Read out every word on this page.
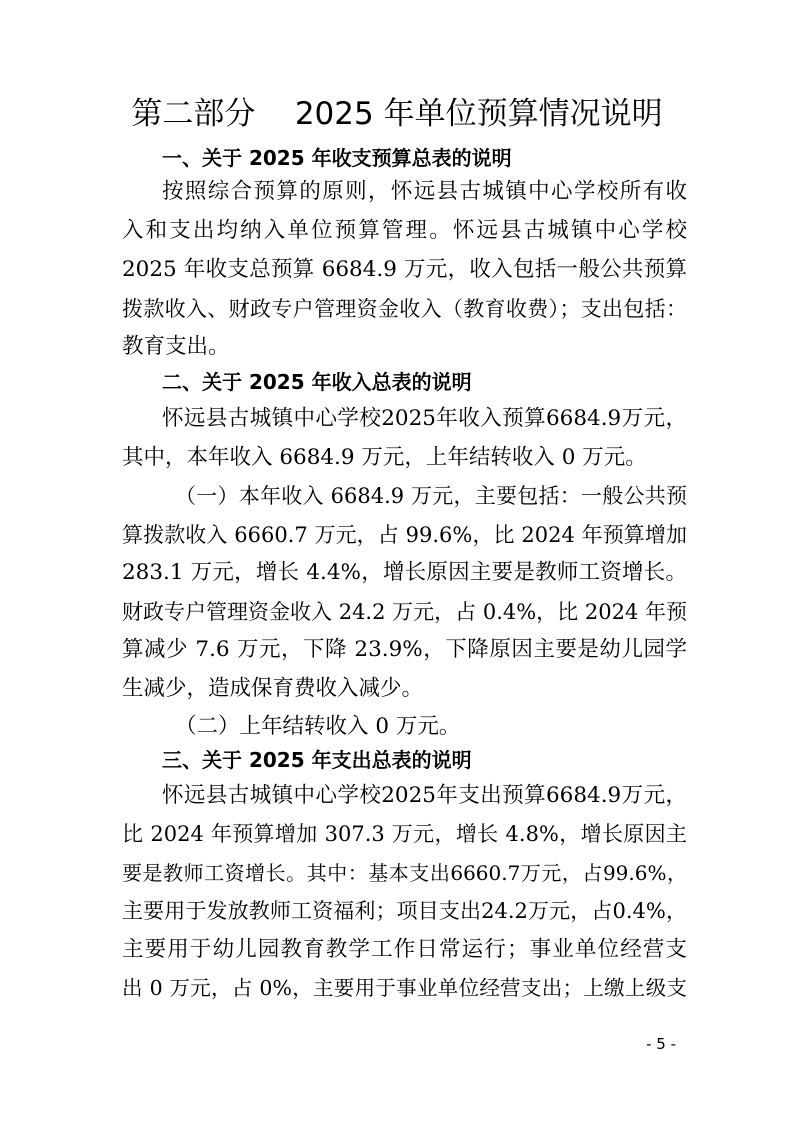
第二部分    2025 年单位预算情况说明
一、关于 2025 年收支预算总表的说明
按照综合预算的原则，怀远县古城镇中心学校所有收
入和支出均纳入单位预算管理。怀远县古城镇中心学校
2025 年收支总预算 6684.9 万元，收入包括一般公共预算
拨款收入、财政专户管理资金收入（教育收费）；支出包括：
教育支出。
二、关于 2025 年收入总表的说明
怀远县古城镇中心学校2025年收入预算6684.9万元，
其中，本年收入 6684.9 万元，上年结转收入 0 万元。
（一）本年收入 6684.9 万元，主要包括：一般公共预
算拨款收入 6660.7 万元，占 99.6%，比 2024 年预算增加
283.1 万元，增长 4.4%，增长原因主要是教师工资增长。
财政专户管理资金收入 24.2 万元，占 0.4%，比 2024 年预
算减少 7.6 万元，下降 23.9%，下降原因主要是幼儿园学
生减少，造成保育费收入减少。
（二）上年结转收入 0 万元。
三、关于 2025 年支出总表的说明
怀远县古城镇中心学校2025年支出预算6684.9万元，
比 2024 年预算增加 307.3 万元，增长 4.8%，增长原因主
要是教师工资增长。其中：基本支出6660.7万元，占99.6%，
主要用于发放教师工资福利；项目支出24.2万元，占0.4%，
主要用于幼儿园教育教学工作日常运行；事业单位经营支
出 0 万元，占 0%，主要用于事业单位经营支出；上缴上级支
- 5 -
